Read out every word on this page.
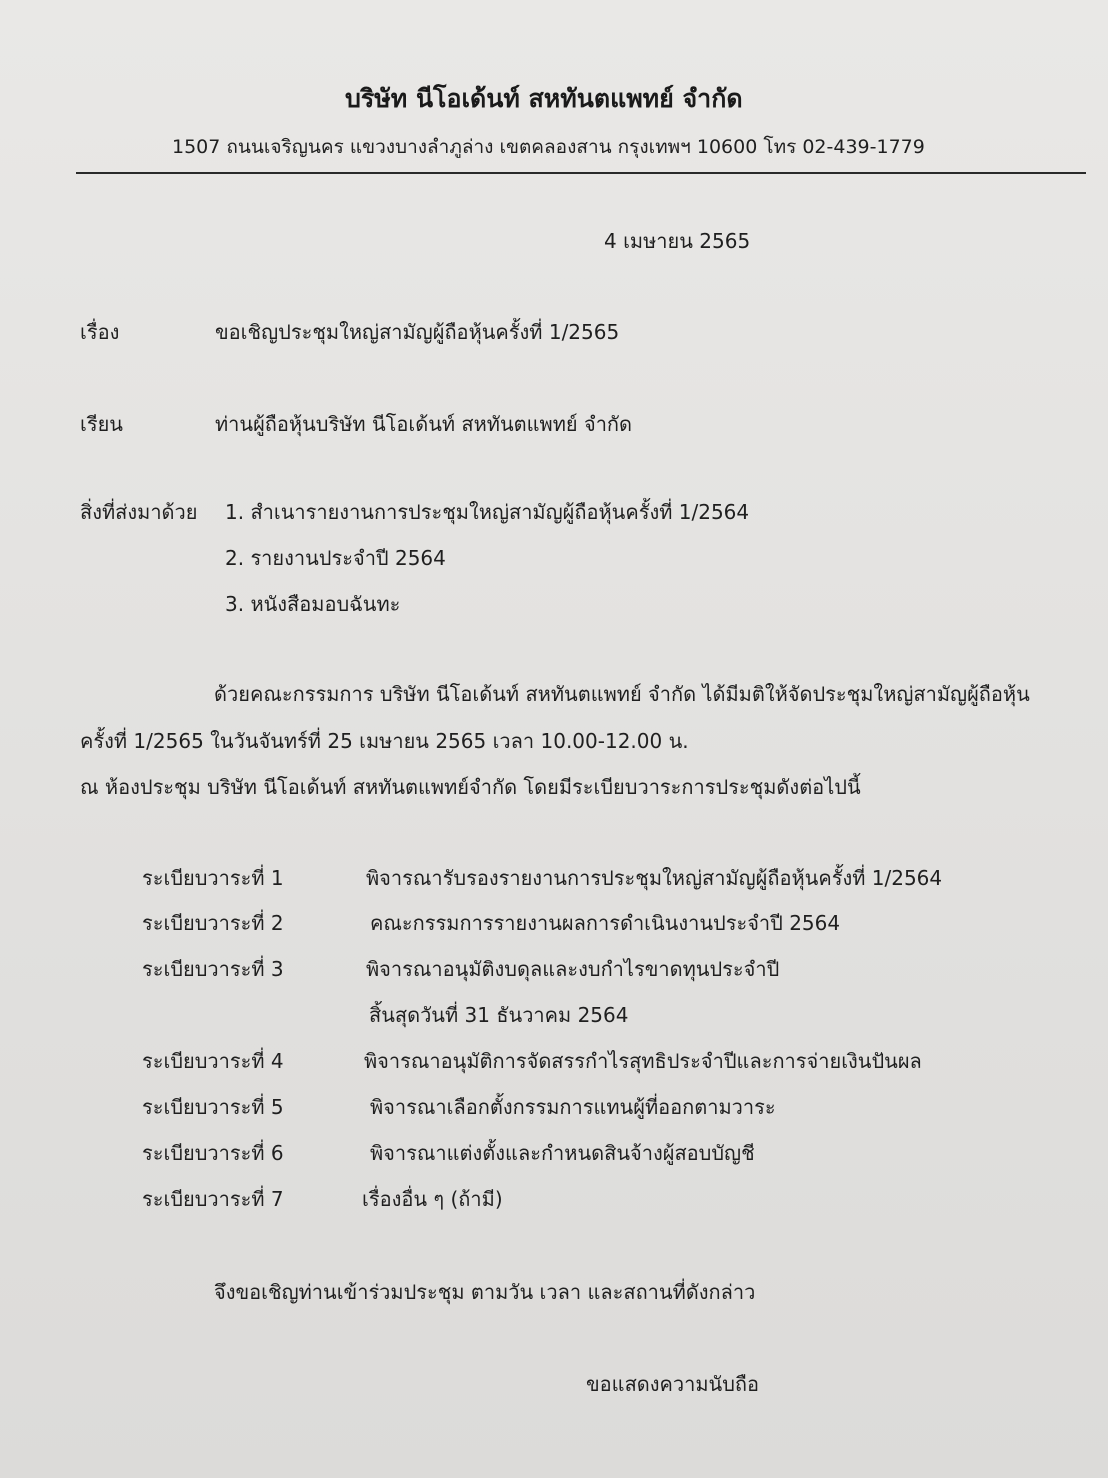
บริษัท นีโอเด้นท์ สหทันตแพทย์ จำกัด
1507 ถนนเจริญนคร แขวงบางลำภูล่าง เขตคลองสาน กรุงเทพฯ 10600 โทร 02-439-1779
4 เมษายน 2565
เรื่อง	ขอเชิญประชุมใหญ่สามัญผู้ถือหุ้นครั้งที่ 1/2565
เรียน	ท่านผู้ถือหุ้นบริษัท นีโอเด้นท์ สหทันตแพทย์ จำกัด
สิ่งที่ส่งมาด้วย 1. สำเนารายงานการประชุมใหญ่สามัญผู้ถือหุ้นครั้งที่ 1/2564
2. รายงานประจำปี 2564
3. หนังสือมอบฉันทะ
ด้วยคณะกรรมการ บริษัท นีโอเด้นท์ สหทันตแพทย์ จำกัด ได้มีมติให้จัดประชุมใหญ่สามัญผู้ถือหุ้น
ครั้งที่ 1/2565 ในวันจันทร์ที่ 25 เมษายน 2565 เวลา 10.00-12.00 น.
ณ ห้องประชุม บริษัท นีโอเด้นท์ สหทันตแพทย์จำกัด โดยมีระเบียบวาระการประชุมดังต่อไปนี้
ระเบียบวาระที่ 1	พิจารณารับรองรายงานการประชุมใหญ่สามัญผู้ถือหุ้นครั้งที่ 1/2564
ระเบียบวาระที่ 2	คณะกรรมการรายงานผลการดำเนินงานประจำปี 2564
ระเบียบวาระที่ 3	พิจารณาอนุมัติงบดุลและงบกำไรขาดทุนประจำปี
สิ้นสุดวันที่ 31 ธันวาคม 2564
ระเบียบวาระที่ 4	พิจารณาอนุมัติการจัดสรรกำไรสุทธิประจำปีและการจ่ายเงินปันผล
ระเบียบวาระที่ 5	พิจารณาเลือกตั้งกรรมการแทนผู้ที่ออกตามวาระ
ระเบียบวาระที่ 6	พิจารณาแต่งตั้งและกำหนดสินจ้างผู้สอบบัญชี
ระเบียบวาระที่ 7	เรื่องอื่น ๆ (ถ้ามี)
จึงขอเชิญท่านเข้าร่วมประชุม ตามวัน เวลา และสถานที่ดังกล่าว
ขอแสดงความนับถือ
